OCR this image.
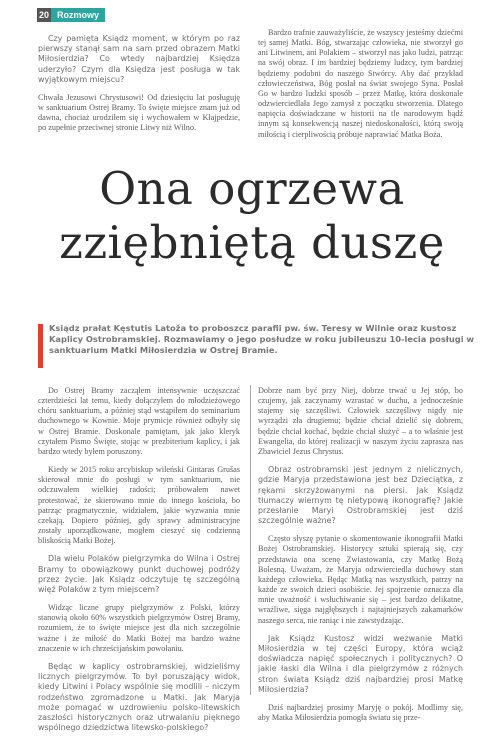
20 Rozmowy

Czy pamięta Ksiądz moment, w którym po raz pierwszy stanął sam na sam przed obrazem Matki Miłosierdzia? Co wtedy najbardziej Księdza uderzyło? Czym dla Księdza jest posługa w tak wyjątkowym miejscu?

Chwała Jezusowi Chrystusowi! Od dziesięciu lat posługuję w sanktuarium Ostrej Bramy. To święte miejsce znam już od dawna, chociaż urodziłem się i wychowałem w Kłajpedzie, po zupełnie przeciwnej stronie Litwy niż Wilno.

Bardzo trafnie zauważyliście, że wszyscy jesteśmy dziećmi tej samej Matki. Bóg, stwarzając człowieka, nie stworzył go ani Litwinem, ani Polakiem – stworzył nas jako ludzi, patrząc na swój obraz. I im bardziej będziemy ludzcy, tym bardziej będziemy podobni do naszego Stwórcy. Aby dać przykład człowieczeństwa, Bóg posłał na świat swojego Syna. Posłał Go w bardzo ludzki sposób – przez Matkę, która doskonale odzwierciedlała Jego zamysł z początku stworzenia. Dlatego napięcia doświadczane w historii na tle narodowym bądź innym są konsekwencją naszej niedoskonałości, którą swoją miłością i cierpliwością próbuje naprawiać Matka Boża.

Ona ogrzewa
zziębniętą duszę
Ksiądz prałat Kęstutis Latoža to proboszcz parafii pw. św. Teresy w Wilnie oraz kustosz Kaplicy Ostrobramskiej. Rozmawiamy o jego posłudze w roku jubileuszu 10-lecia posługi w sanktuarium Matki Miłosierdzia w Ostrej Bramie.

Do Ostrej Bramy zacząłem intensywnie uczęszczać czterdzieści lat temu, kiedy dołączyłem do młodzieżowego chóru sanktuarium, a później stąd wstąpiłem do seminarium duchownego w Kownie. Moje prymicje również odbyły się w Ostrej Bramie. Doskonale pamiętam, jak jako kleryk czytałem Pismo Święte, stojąc w prezbiterium kaplicy, i jak bardzo wtedy byłem poruszony.

Kiedy w 2015 roku arcybiskup wileński Gintaras Grušas skierował mnie do posługi w tym sanktuarium, nie odczuwałem wielkiej radości; próbowałem nawet protestować, że skierowano mnie do innego kościoła, bo patrząc pragmatycznie, widziałem, jakie wyzwania mnie czekają. Dopiero później, gdy sprawy administracyjne zostały uporządkowane, mogłem cieszyć się codzienną bliskością Matki Bożej.

Dla wielu Polaków pielgrzymka do Wilna i Ostrej Bramy to obowiązkowy punkt duchowej podróży przez życie. Jak Ksiądz odczytuje tę szczególną więź Polaków z tym miejscem?

Widząc liczne grupy pielgrzymów z Polski, którzy stanowią około 60% wszystkich pielgrzymów Ostrej Bramy, rozumiem, że to święte miejsce jest dla nich szczególnie ważne i że miłość do Matki Bożej ma bardzo ważne znaczenie w ich chrześcijańskim powołaniu.

Będąc w kaplicy ostrobramskiej, widzieliśmy licznych pielgrzymów. To był poruszający widok, kiedy Litwini i Polacy wspólnie się modlili – niczym rodzeństwo zgromadzone u Matki. Jak Maryja może pomagać w uzdrowieniu polsko-litewskich zaszłości historycznych oraz utrwalaniu pięknego wspólnego dziedzictwa litewsko-polskiego?

Dobrze nam być przy Niej, dobrze trwać u Jej stóp, bo czujemy, jak zaczynamy wzrastać w duchu, a jednocześnie stajemy się szczęśliwi. Człowiek szczęśliwy nigdy nie wyrządzi zła drugiemu; będzie chciał dzielić się dobrem, będzie chciał kochać, będzie chciał służyć – a to właśnie jest Ewangelia, do której realizacji w naszym życiu zaprasza nas Zbawiciel Jezus Chrystus.

Obraz ostrobramski jest jednym z nielicznych, gdzie Maryja przedstawiona jest bez Dzieciątka, z rękami skrzyżowanymi na piersi. Jak Ksiądz tłumaczy wiernym tę nietypową ikonografię? Jakie przesłanie Maryi Ostrobramskiej jest dziś szczególnie ważne?

Często słyszę pytanie o skomentowanie ikonografii Matki Bożej Ostrobramskiej. Historycy sztuki spierają się, czy przedstawia ona scenę Zwiastowania, czy Matkę Bożą Bolesną. Uważam, że Maryja odzwierciedla duchowy stan każdego człowieka. Będąc Matką nas wszystkich, patrzy na każde ze swoich dzieci osobiście. Jej spojrzenie oznacza dla mnie uważność i wsłuchiwanie się – jest bardzo delikatne, wrażliwe, sięga najgłębszych i najtajniejszych zakamarków naszego serca, nie raniąc i nie zawstydzając.

Jak Ksiądz Kustosz widzi wezwanie Matki Miłosierdzia w tej części Europy, która wciąż doświadcza napięć społecznych i politycznych? O jakie łaski dla Wilna i dla pielgrzymów z różnych stron świata Ksiądz dziś najbardziej prosi Matkę Miłosierdzia?

Dziś najbardziej prosimy Maryję o pokój. Modlimy się, aby Matka Miłosierdzia pomogła światu się prze-
